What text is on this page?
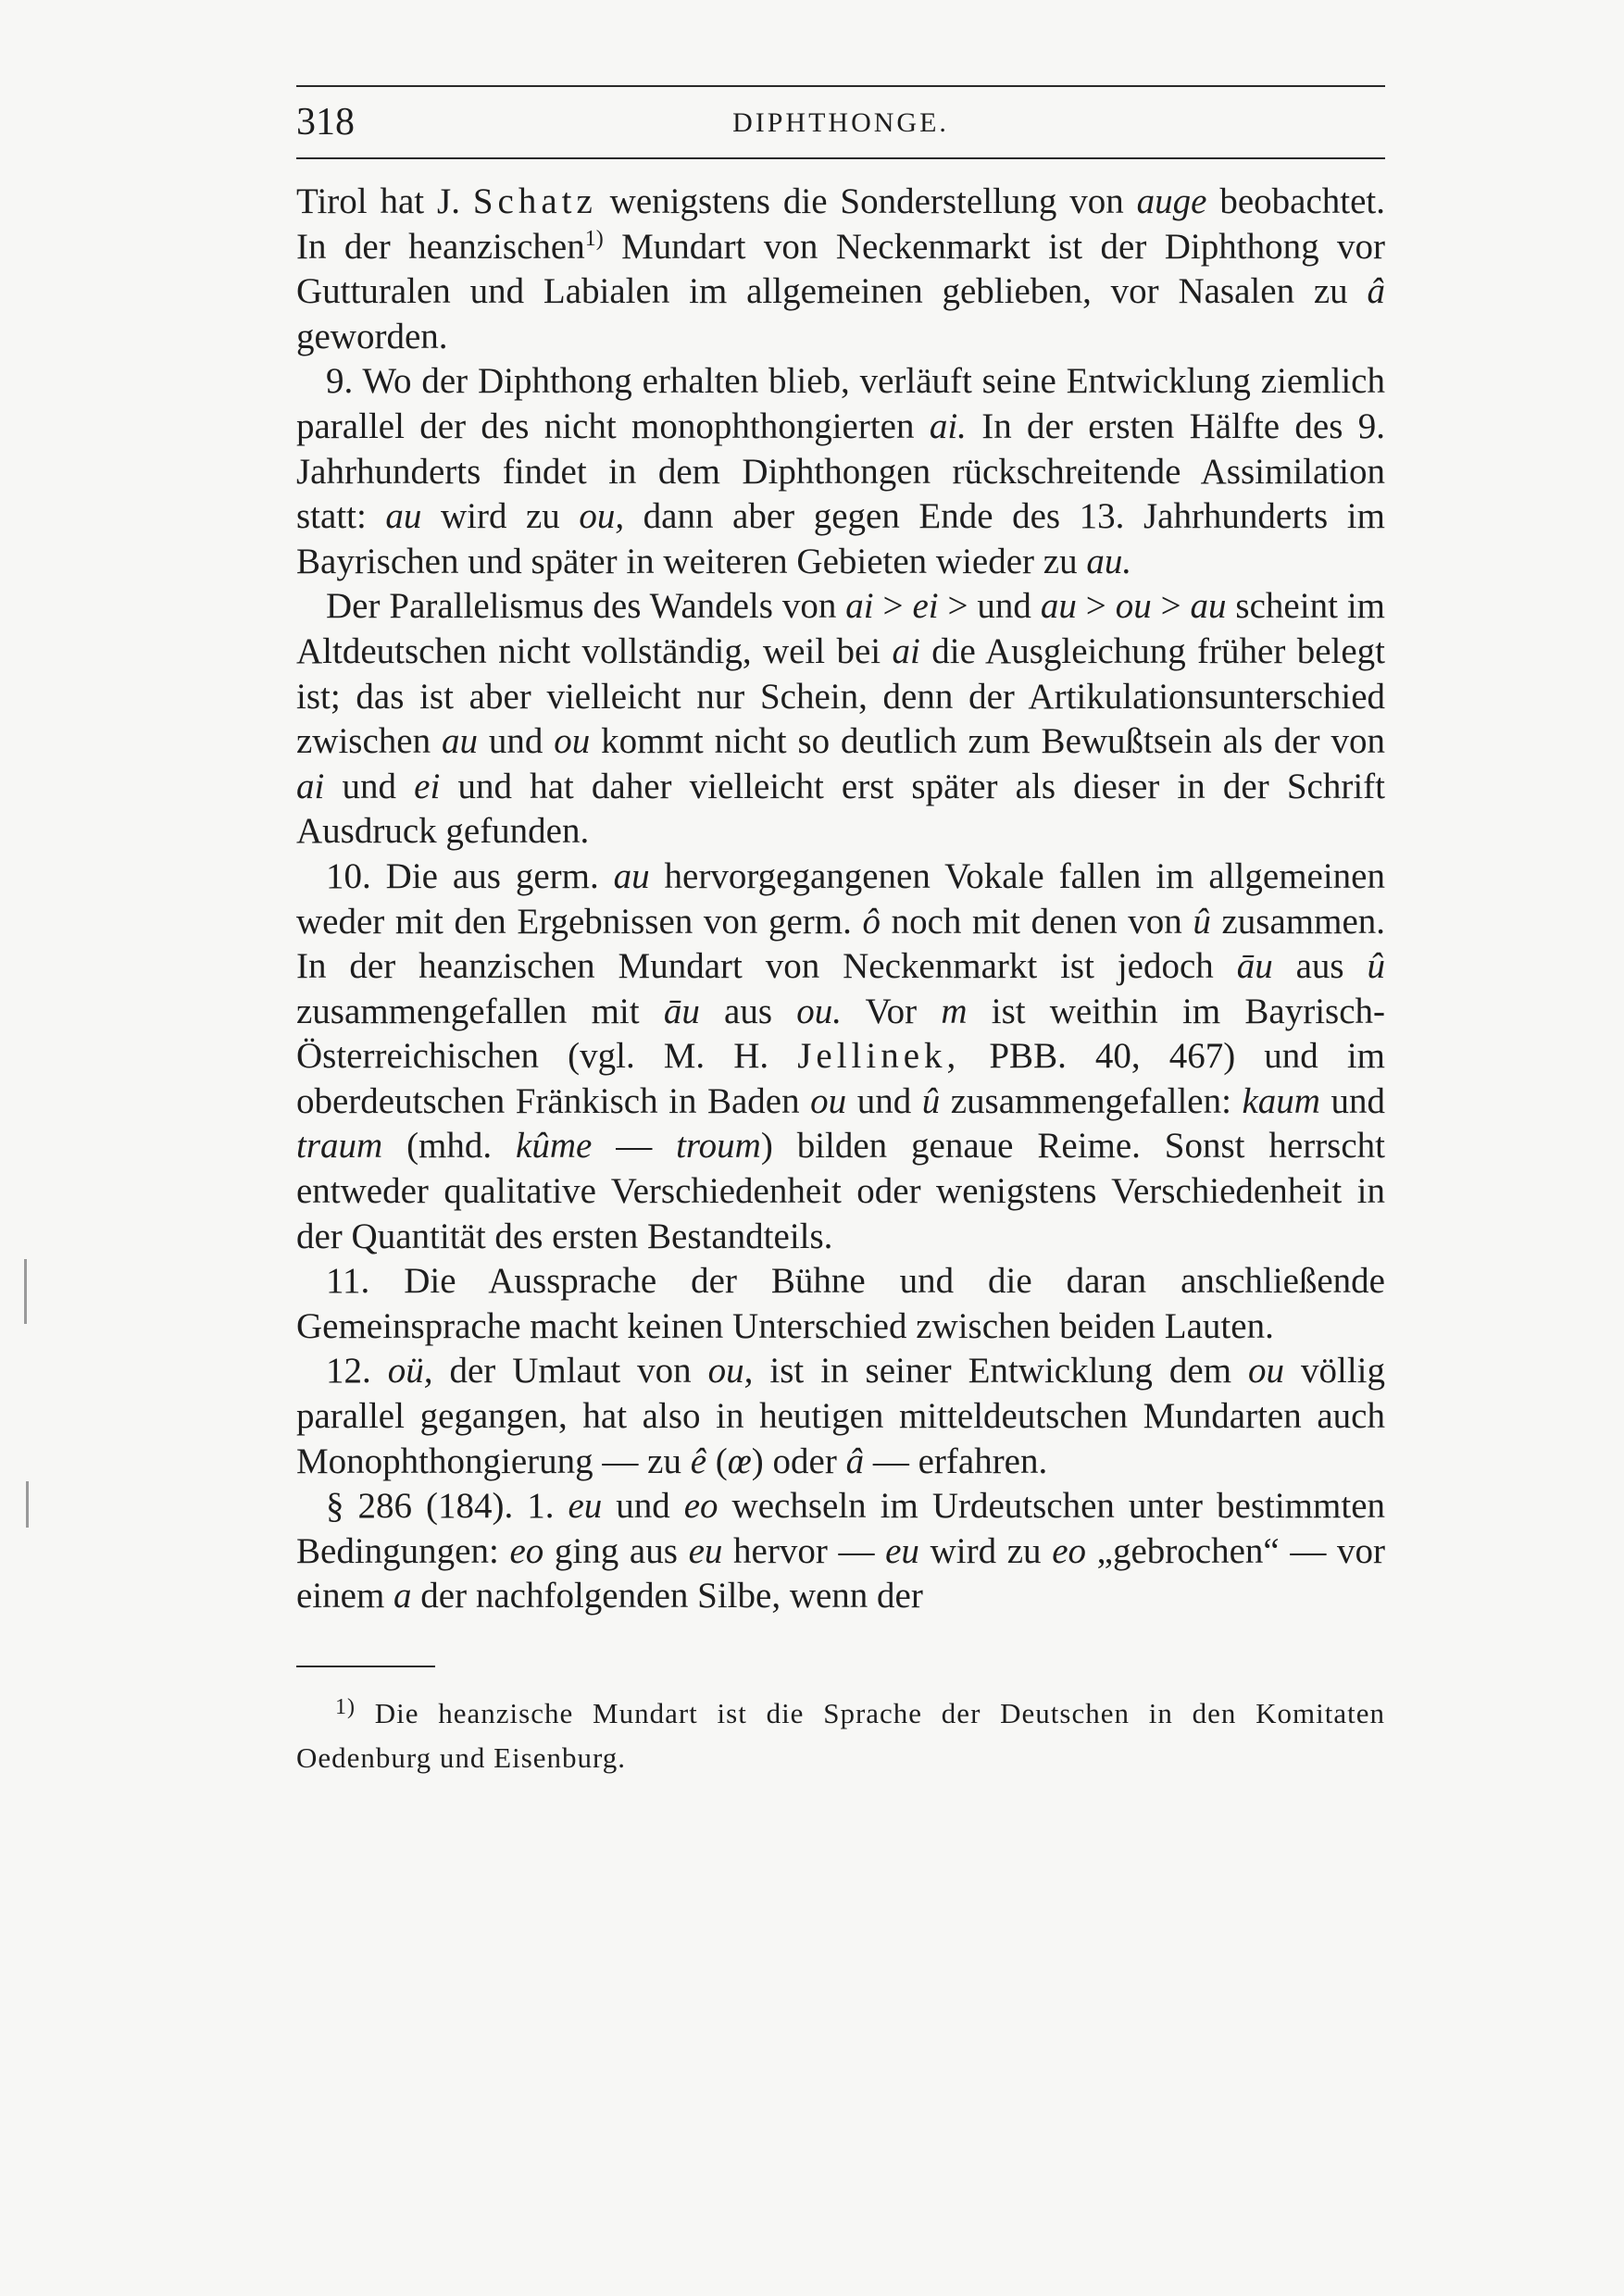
318	DIPHTHONGE.

Tirol hat J. Schatz wenigstens die Sonderstellung von auge beobachtet. In der heanzischen$^{1)}$ Mundart von Neckenmarkt ist der Diphthong vor Gutturalen und Labialen im allgemeinen geblieben, vor Nasalen zu â geworden.

9. Wo der Diphthong erhalten blieb, verläuft seine Entwicklung ziemlich parallel der des nicht monophthongierten ai. In der ersten Hälfte des 9. Jahrhunderts findet in dem Diphthongen rückschreitende Assimilation statt: au wird zu ou, dann aber gegen Ende des 13. Jahrhunderts im Bayrischen und später in weiteren Gebieten wieder zu au.

Der Parallelismus des Wandels von ai > ei > und au > ou > au scheint im Altdeutschen nicht vollständig, weil bei ai die Ausgleichung früher belegt ist; das ist aber vielleicht nur Schein, denn der Artikulationsunterschied zwischen au und ou kommt nicht so deutlich zum Bewußtsein als der von ai und ei und hat daher vielleicht erst später als dieser in der Schrift Ausdruck gefunden.

10. Die aus germ. au hervorgegangenen Vokale fallen im allgemeinen weder mit den Ergebnissen von germ. ô noch mit denen von û zusammen. In der heanzischen Mundart von Neckenmarkt ist jedoch āu aus û zusammengefallen mit āu aus ou. Vor m ist weithin im Bayrisch-Österreichischen (vgl. M. H. Jellinek, PBB. 40, 467) und im oberdeutschen Fränkisch in Baden ou und û zusammengefallen: kaum und traum (mhd. kûme — troum) bilden genaue Reime. Sonst herrscht entweder qualitative Verschiedenheit oder wenigstens Verschiedenheit in der Quantität des ersten Bestandteils.

11. Die Aussprache der Bühne und die daran anschließende Gemeinsprache macht keinen Unterschied zwischen beiden Lauten.

12. oü, der Umlaut von ou, ist in seiner Entwicklung dem ou völlig parallel gegangen, hat also in heutigen mitteldeutschen Mundarten auch Monophthongierung — zu ê (œ) oder â — erfahren.

§ 286 (184). 1. eu und eo wechseln im Urdeutschen unter bestimmten Bedingungen: eo ging aus eu hervor — eu wird zu eo „gebrochen“ — vor einem a der nachfolgenden Silbe, wenn der

$^{1)}$ Die heanzische Mundart ist die Sprache der Deutschen in den Komitaten Oedenburg und Eisenburg.
